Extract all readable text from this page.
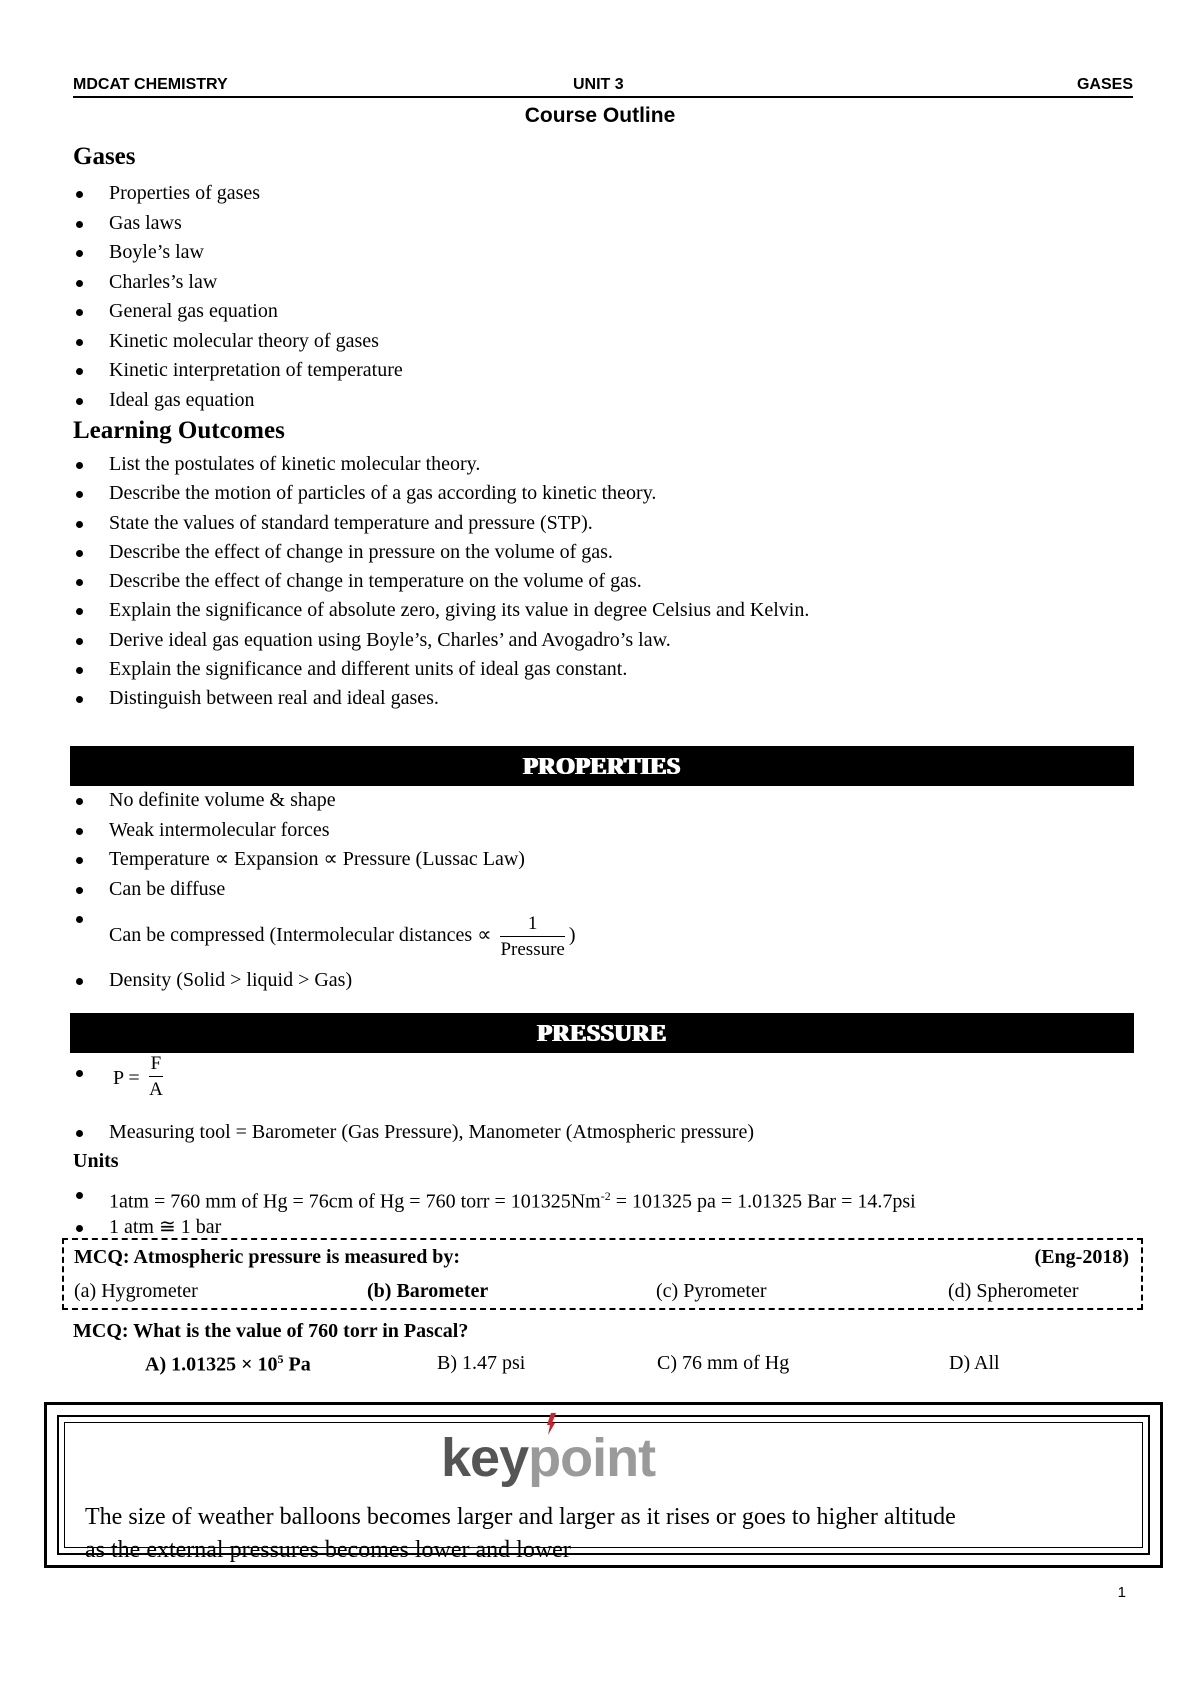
MDCAT CHEMISTRY	UNIT 3	GASES
Course Outline
Gases
Properties of gases
Gas laws
Boyle’s law
Charles’s law
General gas equation
Kinetic molecular theory of gases
Kinetic interpretation of temperature
Ideal gas equation
Learning Outcomes
List the postulates of kinetic molecular theory.
Describe the motion of particles of a gas according to kinetic theory.
State the values of standard temperature and pressure (STP).
Describe the effect of change in pressure on the volume of gas.
Describe the effect of change in temperature on the volume of gas.
Explain the significance of absolute zero, giving its value in degree Celsius and Kelvin.
Derive ideal gas equation using Boyle’s, Charles’ and Avogadro’s law.
Explain the significance and different units of ideal gas constant.
Distinguish between real and ideal gases.
PROPERTIES
No definite volume & shape
Weak intermolecular forces
Temperature ∝ Expansion ∝ Pressure (Lussac Law)
Can be diffuse
Can be compressed (Intermolecular distances ∝ $\frac{1}{\text{Pressure}}$ )
Density (Solid > liquid > Gas)
PRESSURE
$P = \frac{F}{A}$
Measuring tool = Barometer (Gas Pressure), Manometer (Atmospheric pressure)
Units
1atm = 760 mm of Hg = 76cm of Hg = 760 torr = $101325Nm^{-2} = 101325$ pa = 1.01325 Bar = 14.7psi
1 atm ≅ 1 bar
MCQ: Atmospheric pressure is measured by:	(Eng-2018)
(a) Hygrometer	(b) Barometer	(c) Pyrometer	(d) Spherometer
MCQ: What is the value of 760 torr in Pascal?
A) $1.01325 \times 10^5$ Pa	B) 1.47 psi	C) 76 mm of Hg	D) All
keypoint
The size of weather balloons becomes larger and larger as it rises or goes to higher altitude
as the external pressures becomes lower and lower
1
